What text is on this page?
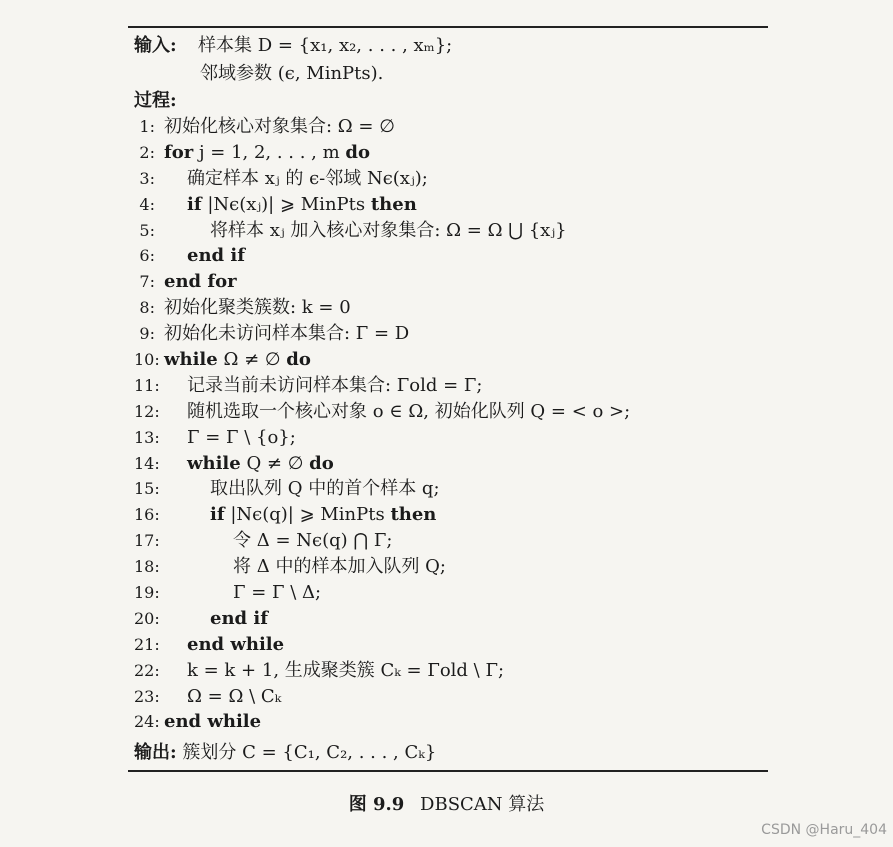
输入:	样本集 D = {x₁, x₂, . . . , xₘ};
邻域参数 (ϵ, MinPts).
过程:
1: 初始化核心对象集合: Ω = ∅
2: for j = 1, 2, . . . , m do
3: 确定样本 xⱼ 的 ϵ-邻域 Nϵ(xⱼ);
4: if |Nϵ(xⱼ)| ⩾ MinPts then
5:	将样本 xⱼ 加入核心对象集合: Ω = Ω ⋃ {xⱼ}
6: end if
7: end for
8: 初始化聚类簇数: k = 0
9: 初始化未访问样本集合: Γ = D
10: while Ω ≠ ∅ do
11: 记录当前未访问样本集合: Γold = Γ;
12: 随机选取一个核心对象 o ∈ Ω, 初始化队列 Q = < o >;
13: Γ = Γ \ {o};
14: while Q ≠ ∅ do
15:	取出队列 Q 中的首个样本 q;
16:	if |Nϵ(q)| ⩾ MinPts then
17:	令 Δ = Nϵ(q) ⋂ Γ;
18:	将 Δ 中的样本加入队列 Q;
19:	Γ = Γ \ Δ;
20:	end if
21: end while
22: k = k + 1, 生成聚类簇 Cₖ = Γold \ Γ;
23: Ω = Ω \ Cₖ
24: end while
输出: 簇划分 C = {C₁, C₂, . . . , Cₖ}
图 9.9 DBSCAN 算法
CSDN @Haru_404
